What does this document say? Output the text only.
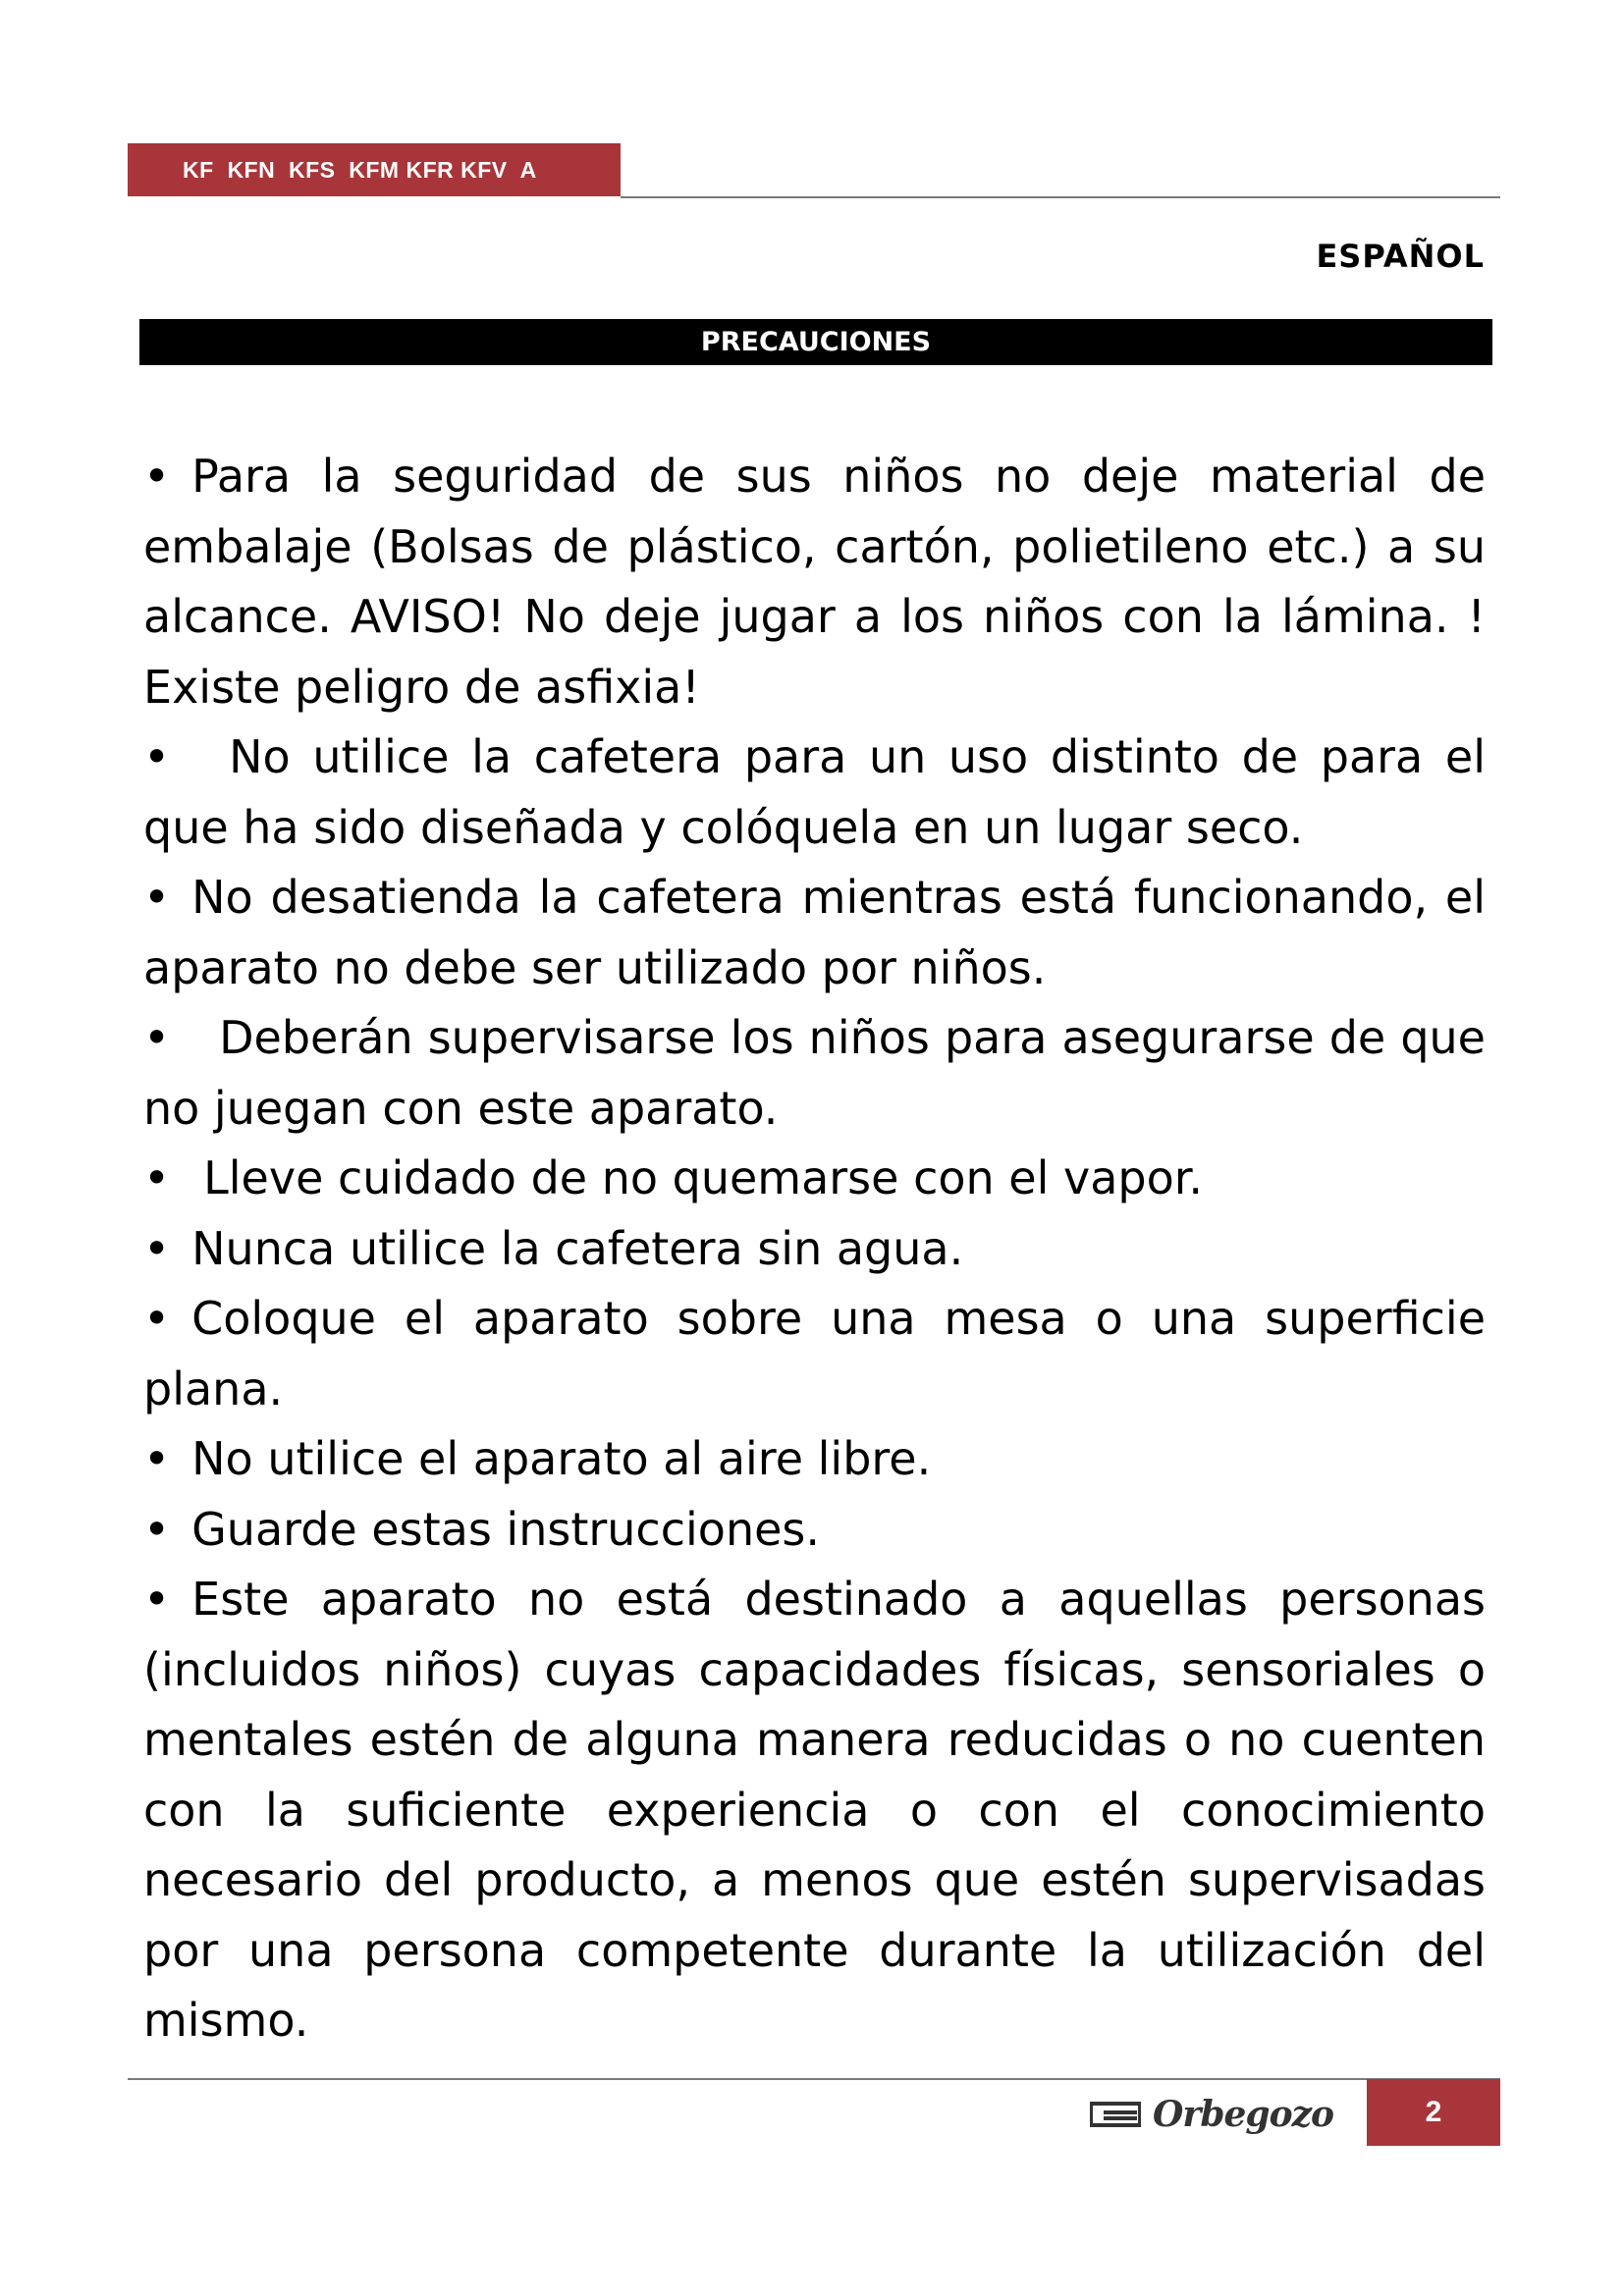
KF  KFN  KFS  KFM KFR KFV  A
ESPAÑOL
PRECAUCIONES

• Para la seguridad de sus niños no deje material de embalaje (Bolsas de plástico, cartón, polietileno etc.) a su alcance. AVISO! No deje jugar a los niños con la lámina. ! Existe peligro de asfixia!

• No utilice la cafetera para un uso distinto de para el que ha sido diseñada y colóquela en un lugar seco.

• No desatienda la cafetera mientras está funcionando, el aparato no debe ser utilizado por niños.

• Deberán supervisarse los niños para asegurarse de que no juegan con este aparato.

• Lleve cuidado de no quemarse con el vapor.

• Nunca utilice la cafetera sin agua.

• Coloque el aparato sobre una mesa o una superficie plana.

• No utilice el aparato al aire libre.

• Guarde estas instrucciones.

• Este aparato no está destinado a aquellas personas (incluidos niños) cuyas capacidades físicas, sensoriales o mentales estén de alguna manera reducidas o no cuenten con la suficiente experiencia o con el conocimiento necesario del producto, a menos que estén supervisadas por una persona competente durante la utilización del mismo.

Orbegozo	2
